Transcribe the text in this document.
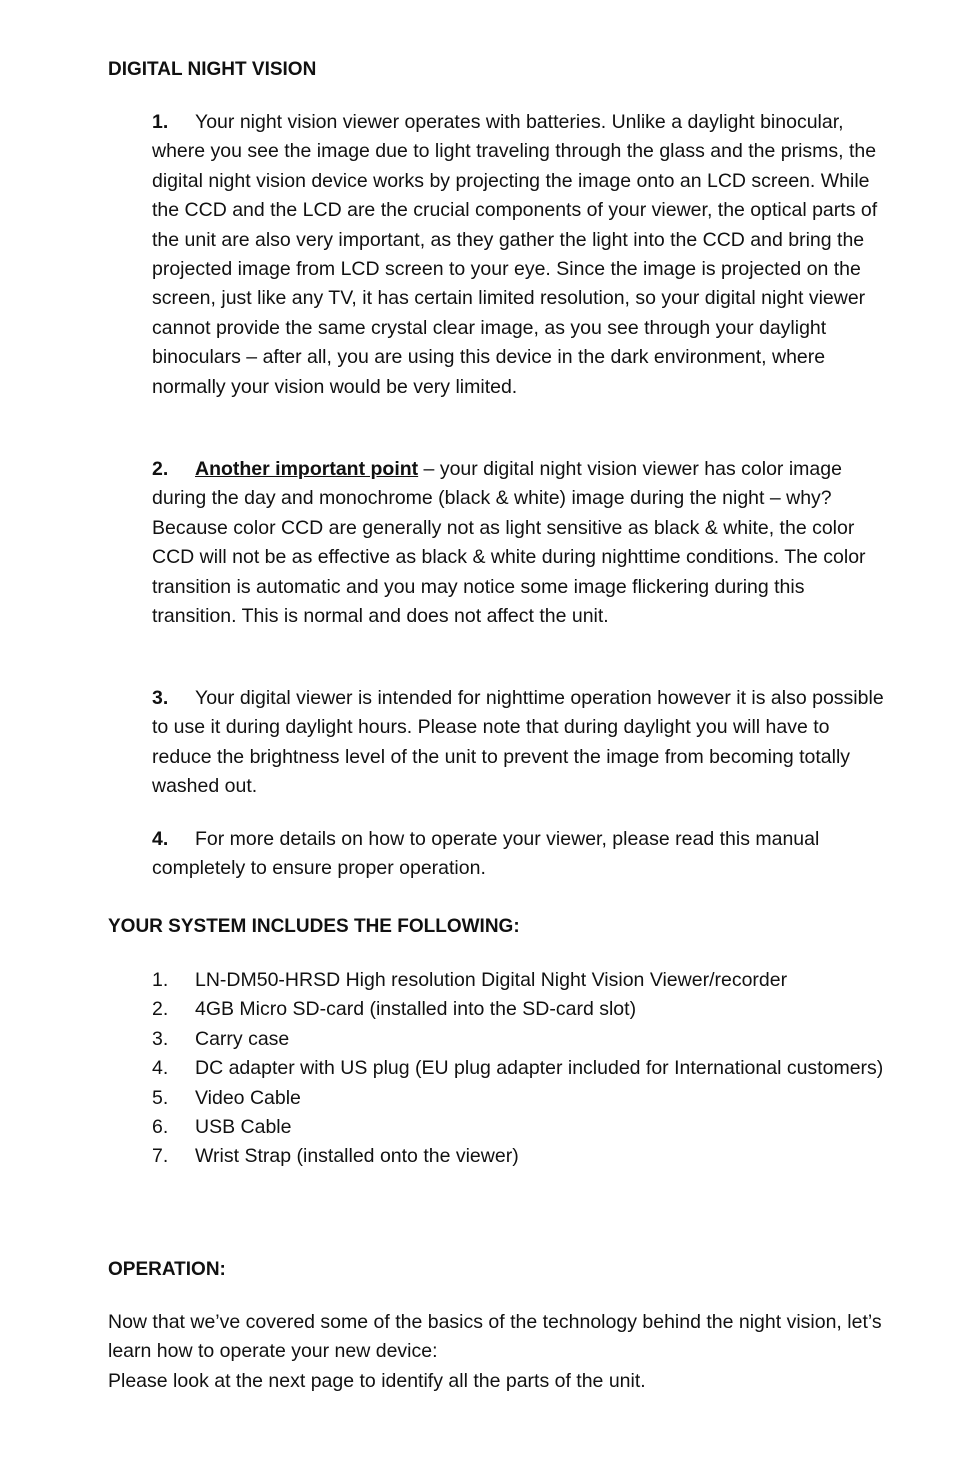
DIGITAL NIGHT VISION

1. Your night vision viewer operates with batteries. Unlike a daylight binocular, where you see the image due to light traveling through the glass and the prisms, the digital night vision device works by projecting the image onto an LCD screen. While the CCD and the LCD are the crucial components of your viewer, the optical parts of the unit are also very important, as they gather the light into the CCD and bring the projected image from LCD screen to your eye. Since the image is projected on the screen, just like any TV, it has certain limited resolution, so your digital night viewer cannot provide the same crystal clear image, as you see through your daylight binoculars – after all, you are using this device in the dark environment, where normally your vision would be very limited.

2. Another important point – your digital night vision viewer has color image during the day and monochrome (black & white) image during the night – why? Because color CCD are generally not as light sensitive as black & white, the color CCD will not be as effective as black & white during nighttime conditions. The color transition is automatic and you may notice some image flickering during this transition. This is normal and does not affect the unit.

3. Your digital viewer is intended for nighttime operation however it is also possible to use it during daylight hours. Please note that during daylight you will have to reduce the brightness level of the unit to prevent the image from becoming totally washed out.

4. For more details on how to operate your viewer, please read this manual completely to ensure proper operation.

YOUR SYSTEM INCLUDES THE FOLLOWING:
1. LN-DM50-HRSD High resolution Digital Night Vision Viewer/recorder
2. 4GB Micro SD-card (installed into the SD-card slot)
3. Carry case
4. DC adapter with US plug (EU plug adapter included for International customers)
5. Video Cable
6. USB Cable
7. Wrist Strap (installed onto the viewer)
OPERATION:

Now that we’ve covered some of the basics of the technology behind the night vision, let’s learn how to operate your new device:
Please look at the next page to identify all the parts of the unit.
